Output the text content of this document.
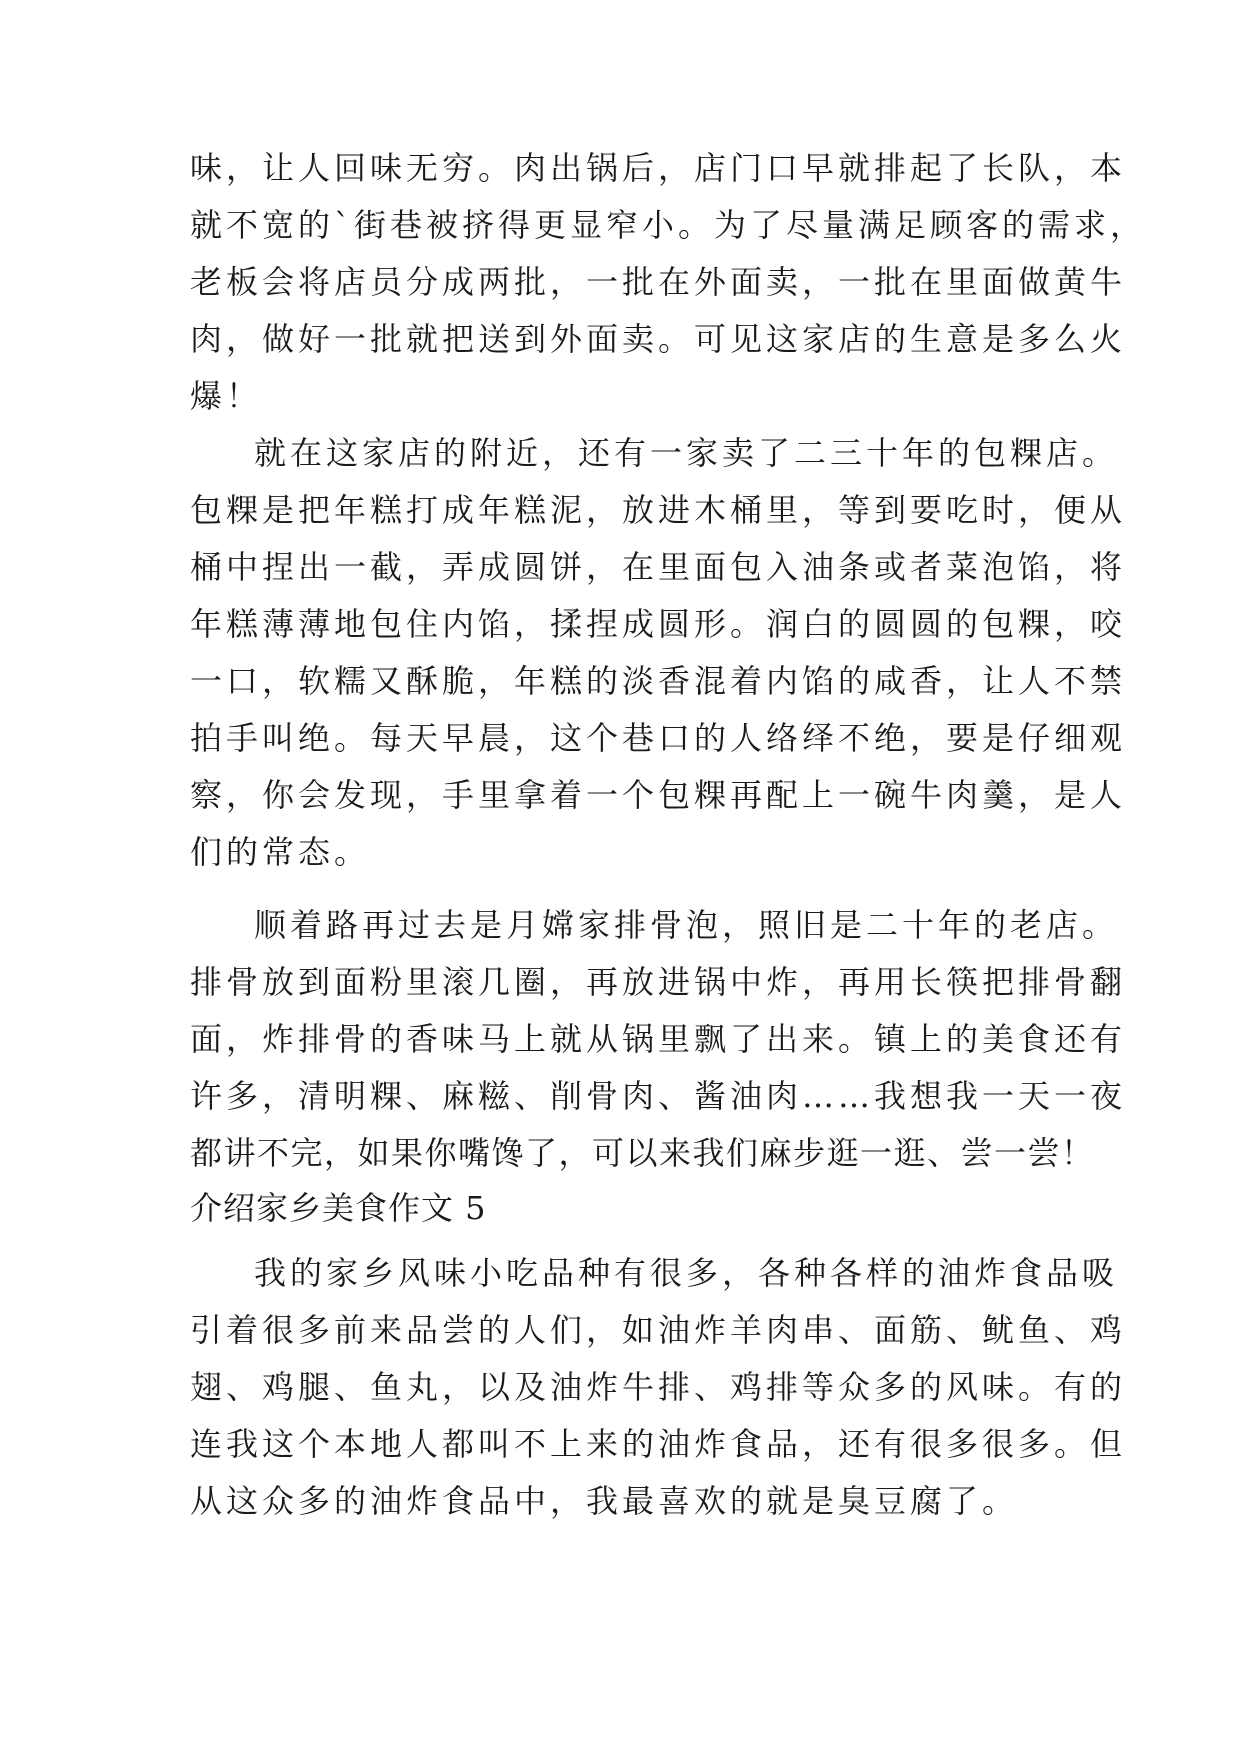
味，让人回味无穷。肉出锅后，店门口早就排起了长队，本
就不宽的`街巷被挤得更显窄小。为了尽量满足顾客的需求，
老板会将店员分成两批，一批在外面卖，一批在里面做黄牛
肉，做好一批就把送到外面卖。可见这家店的生意是多么火
爆！
就在这家店的附近，还有一家卖了二三十年的包粿店。
包粿是把年糕打成年糕泥，放进木桶里，等到要吃时，便从
桶中捏出一截，弄成圆饼，在里面包入油条或者菜泡馅，将
年糕薄薄地包住内馅，揉捏成圆形。润白的圆圆的包粿，咬
一口，软糯又酥脆，年糕的淡香混着内馅的咸香，让人不禁
拍手叫绝。每天早晨，这个巷口的人络绎不绝，要是仔细观
察，你会发现，手里拿着一个包粿再配上一碗牛肉羹，是人
们的常态。
顺着路再过去是月嫦家排骨泡，照旧是二十年的老店。
排骨放到面粉里滚几圈，再放进锅中炸，再用长筷把排骨翻
面，炸排骨的香味马上就从锅里飘了出来。镇上的美食还有
许多，清明粿、麻糍、削骨肉、酱油肉……我想我一天一夜
都讲不完，如果你嘴馋了，可以来我们麻步逛一逛、尝一尝！
介绍家乡美食作文 5
我的家乡风味小吃品种有很多，各种各样的油炸食品吸
引着很多前来品尝的人们，如油炸羊肉串、面筋、鱿鱼、鸡
翅、鸡腿、鱼丸，以及油炸牛排、鸡排等众多的风味。有的
连我这个本地人都叫不上来的油炸食品，还有很多很多。但
从这众多的油炸食品中，我最喜欢的就是臭豆腐了。
